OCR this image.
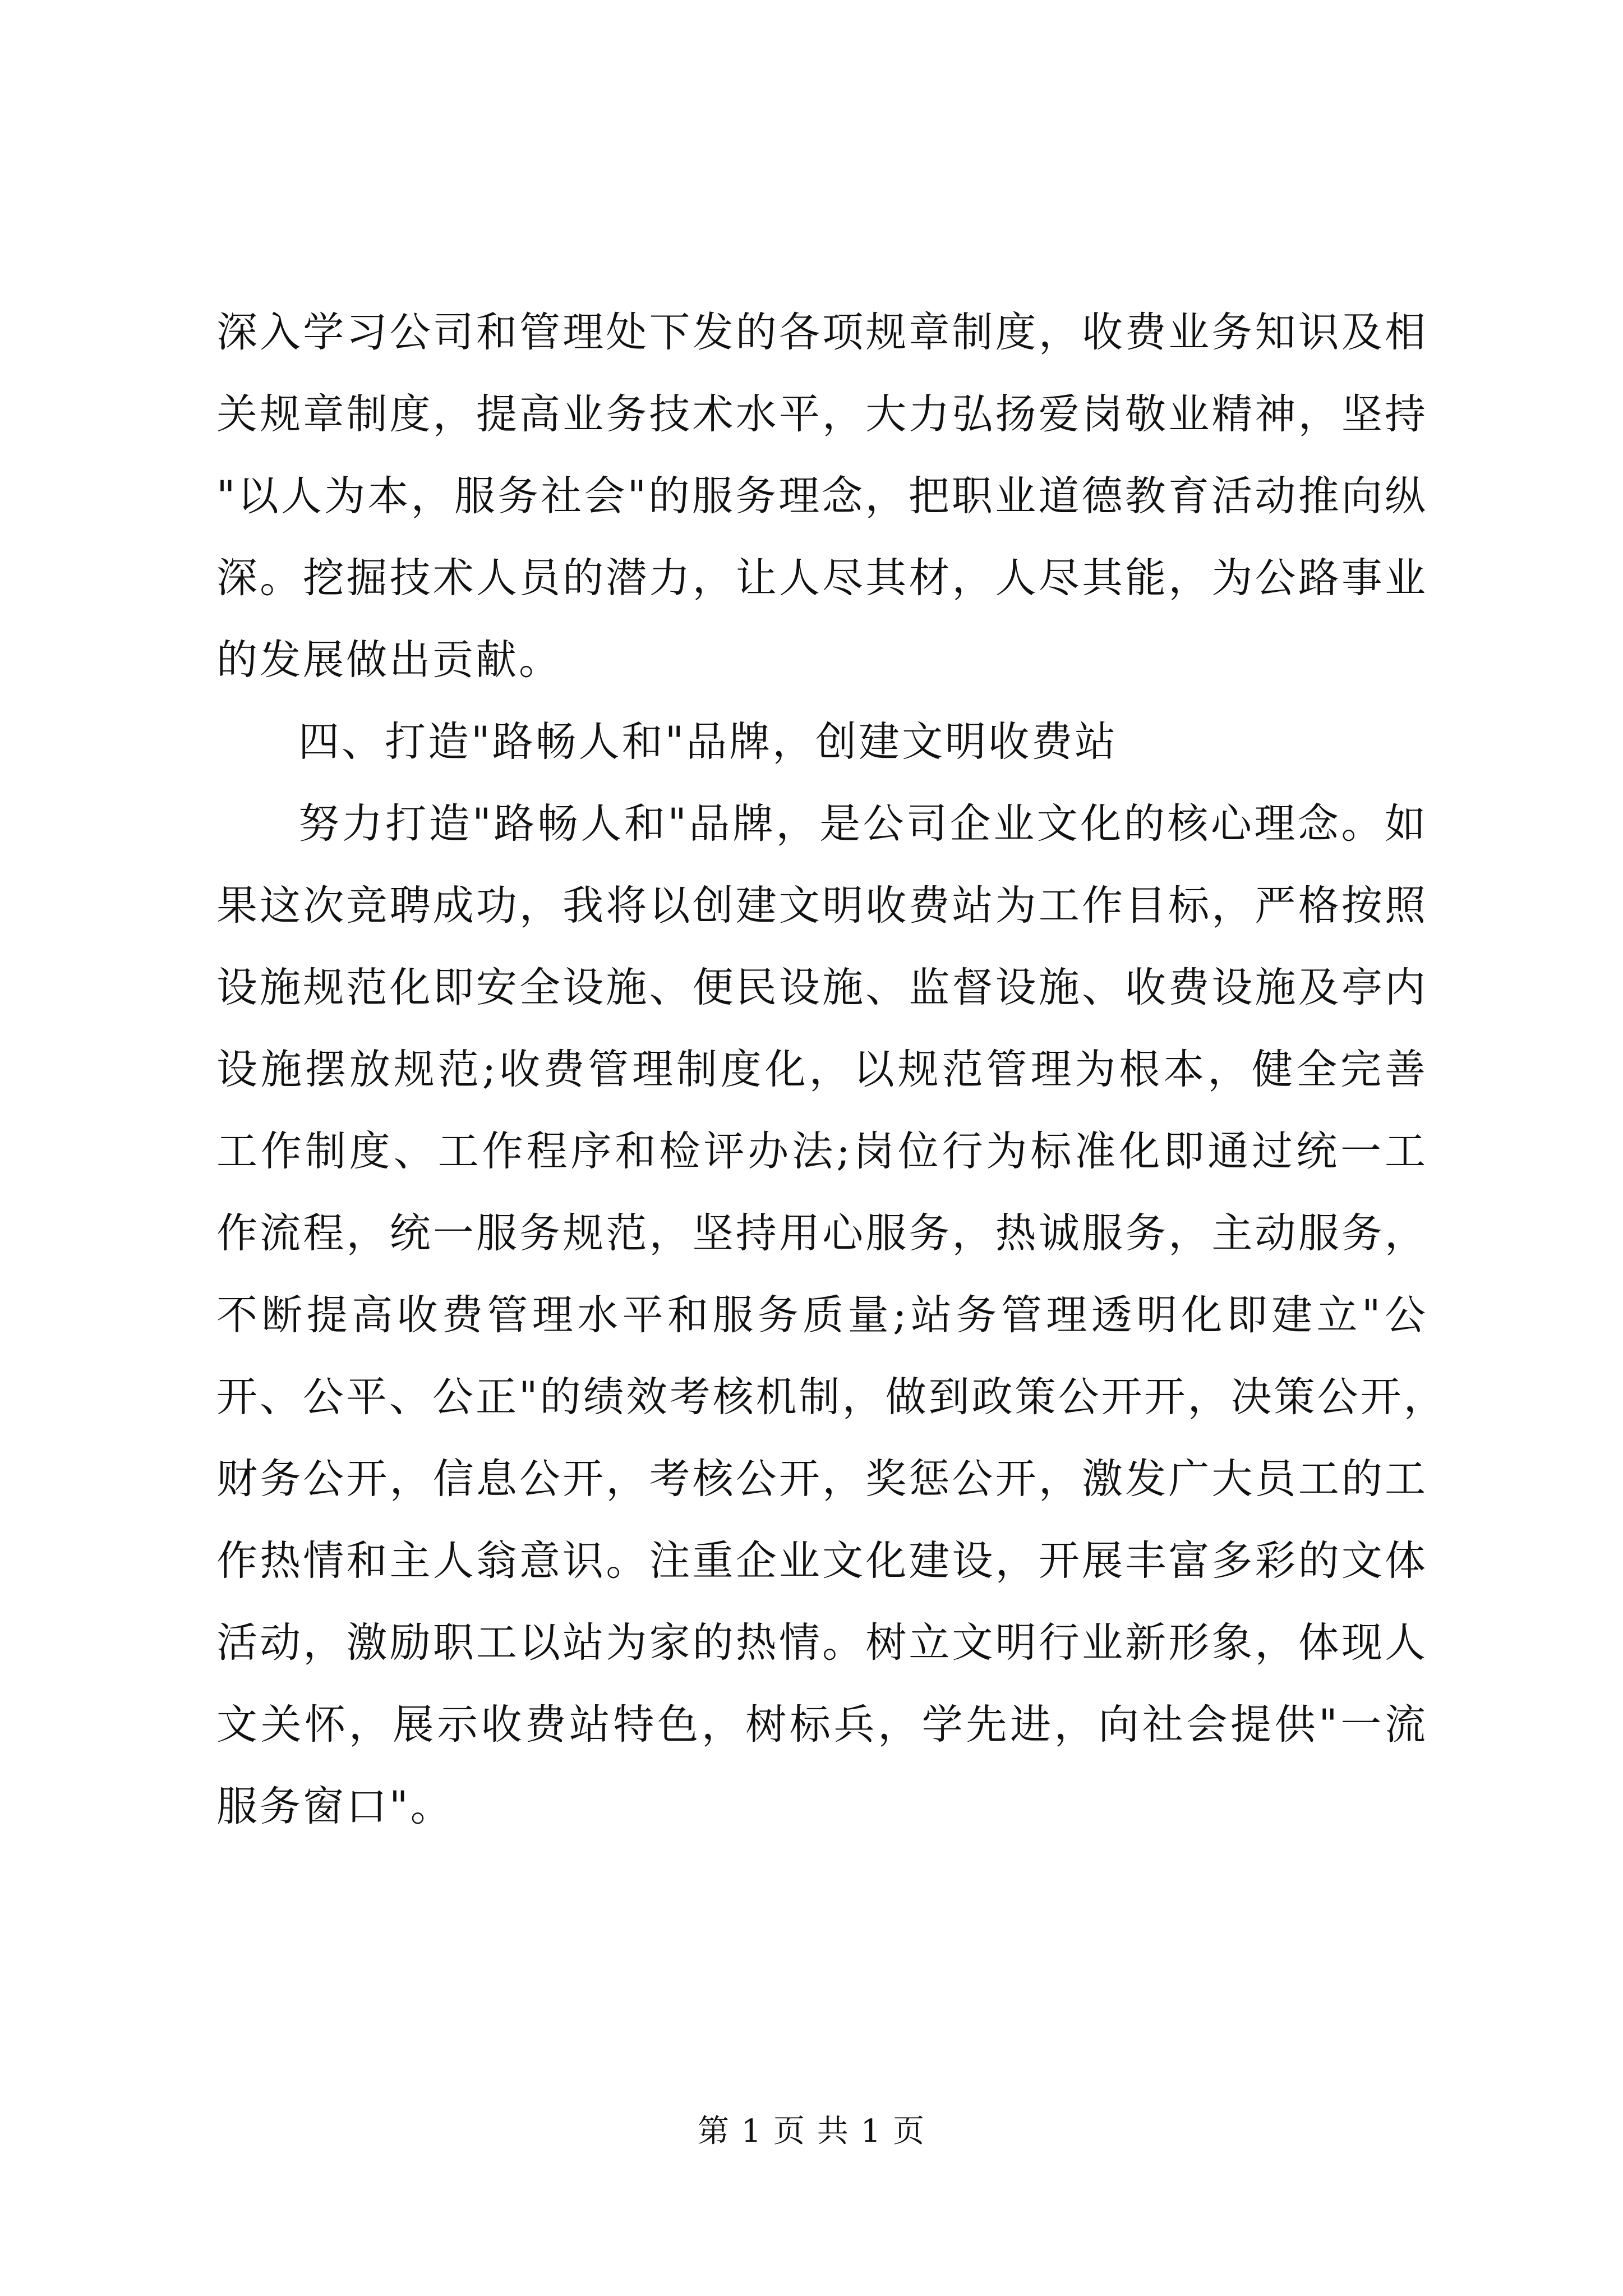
深入学习公司和管理处下发的各项规章制度，收费业务知识及相
关规章制度，提高业务技术水平，大力弘扬爱岗敬业精神，坚持
"以人为本，服务社会"的服务理念，把职业道德教育活动推向纵
深。挖掘技术人员的潜力，让人尽其材，人尽其能，为公路事业
的发展做出贡献。
四、打造"路畅人和"品牌，创建文明收费站
努力打造"路畅人和"品牌，是公司企业文化的核心理念。如
果这次竞聘成功，我将以创建文明收费站为工作目标，严格按照
设施规范化即安全设施、便民设施、监督设施、收费设施及亭内
设施摆放规范;收费管理制度化，以规范管理为根本，健全完善
工作制度、工作程序和检评办法;岗位行为标准化即通过统一工
作流程，统一服务规范，坚持用心服务，热诚服务，主动服务，
不断提高收费管理水平和服务质量;站务管理透明化即建立"公
开、公平、公正"的绩效考核机制，做到政策公开开，决策公开，
财务公开，信息公开，考核公开，奖惩公开，激发广大员工的工
作热情和主人翁意识。注重企业文化建设，开展丰富多彩的文体
活动，激励职工以站为家的热情。树立文明行业新形象，体现人
文关怀，展示收费站特色，树标兵，学先进，向社会提供"一流
服务窗口"。
第 1 页 共 1 页
